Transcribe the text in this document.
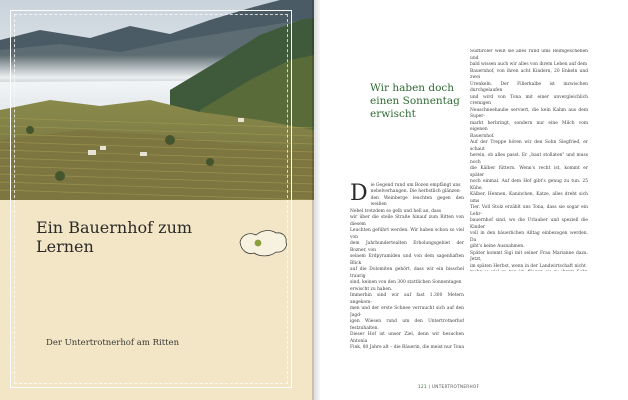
Ein Bauernhof zum Lernen

Der Untertrotnerhof am Ritten

Wir haben doch einen Sonnentag erwischt

Die Gegend rund um Bozen empfängt uns
nebelverhangen. Die herbstlich glänzen-
den Weinberge leuchten gegen den weißen
Nebel trotzdem so gelb und hell an, dass
wir über die steile Straße hinauf zum Ritten von diesem
Leuchten geführt werden. Wir haben schon so viel von
dem Jahrhundertealten Erholungsgebiet der Bozner, von
seinem Erdpyramiden und von dem sagenhaften Blick
auf die Dolomiten gehört, dass wir ein bisschel traurig
sind, keinen von den 300 stattlichen Sonnentagen
erwischt zu haben.
Immerhin sind wir auf fast 1.300 Metern angekom-
men und der erste Schnee verraucht sich auf den Jagd-
igen Wiesen rund um den Untertrotnerhof festzuhalten.
Dieser Hof ist unser Ziel, denn wir besuchen Antonia
Fink, 80 Jahre alt – die Bäuerin, die meist nur Tona

Südtiroler weiß sie alles rund ums Reimgeschehen und
bald wissen auch wir alles von ihrem Leben auf dem
Bauernhof, von ihren acht Kindern, 20 Enkeln und zwei
Urenkeln. Der Fillerkalbe ist inzwischen durchgelaufen
und wird von Tona mit einer unvergleichlich cremigen
Neuschneehaube serviert, die kein Kahm aus dem Super-
markt herbringt, sondern nur eine Milch vom eigenen
Bauernhof.
Auf der Treppe hören wir den Sohn Siegfried, er schaut
herein, ob alles passt. Er „baut stollaten" und muss noch
die Kälber füttern. Wenn's recht ist, kommt er später
noch einmal. Auf dem Hof gibt's genug zu tun. 25 Kühe,
Kälber, Hennen, Kaninchen, Katze, alles dreht sich ums
Tier. Voll Stolz erzählt uns Tona, dass sie sogar ein Lehr-
bauernhof sind, wo die Urlauber und speziell die Kinder
voll in den bäuerlichen Alltag einbezogen werden. Da
gibt's keine Ausnahmen.
Später kommt Sigi mit seiner Frau Marianne dazu. Jetzt,
im späten Herbst, wenn in der Landwirtschaft nicht

121 | UNTERTROTNERHOF
